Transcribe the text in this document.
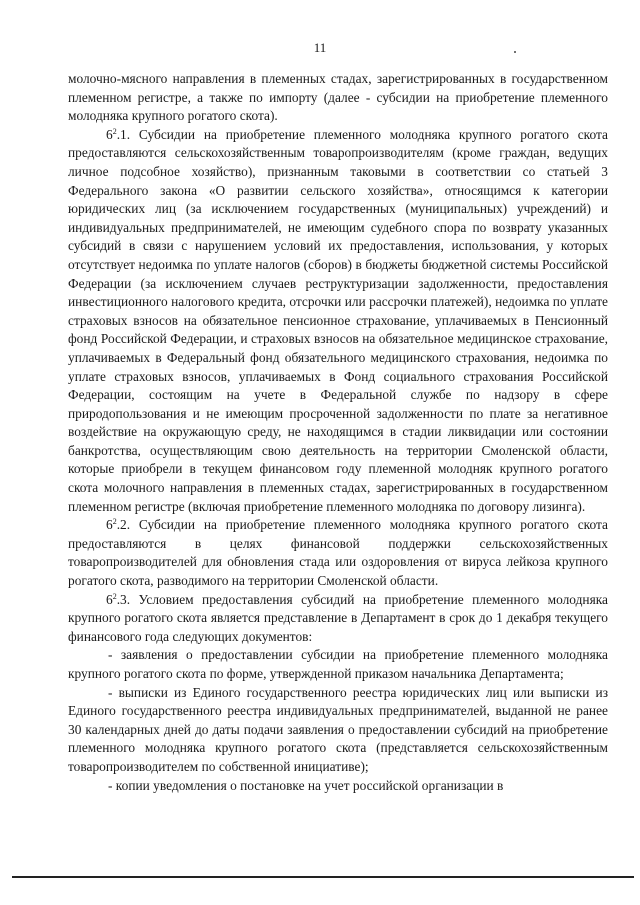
11

молочно-мясного направления в племенных стадах, зарегистрированных в государственном племенном регистре, а также по импорту (далее - субсидии на приобретение племенного молодняка крупного рогатого скота).

$6^2.1$. Субсидии на приобретение племенного молодняка крупного рогатого скота предоставляются сельскохозяйственным товаропроизводителям (кроме граждан, ведущих личное подсобное хозяйство), признанным таковыми в соответствии со статьей 3 Федерального закона «О развитии сельского хозяйства», относящимся к категории юридических лиц (за исключением государственных (муниципальных) учреждений) и индивидуальных предпринимателей, не имеющим судебного спора по возврату указанных субсидий в связи с нарушением условий их предоставления, использования, у которых отсутствует недоимка по уплате налогов (сборов) в бюджеты бюджетной системы Российской Федерации (за исключением случаев реструктуризации задолженности, предоставления инвестиционного налогового кредита, отсрочки или рассрочки платежей), недоимка по уплате страховых взносов на обязательное пенсионное страхование, уплачиваемых в Пенсионный фонд Российской Федерации, и страховых взносов на обязательное медицинское страхование, уплачиваемых в Федеральный фонд обязательного медицинского страхования, недоимка по уплате страховых взносов, уплачиваемых в Фонд социального страхования Российской Федерации, состоящим на учете в Федеральной службе по надзору в сфере природопользования и не имеющим просроченной задолженности по плате за негативное воздействие на окружающую среду, не находящимся в стадии ликвидации или состоянии банкротства, осуществляющим свою деятельность на территории Смоленской области, которые приобрели в текущем финансовом году племенной молодняк крупного рогатого скота молочного направления в племенных стадах, зарегистрированных в государственном племенном регистре (включая приобретение племенного молодняка по договору лизинга).

$6^2.2$. Субсидии на приобретение племенного молодняка крупного рогатого скота предоставляются в целях финансовой поддержки сельскохозяйственных товаропроизводителей для обновления стада или оздоровления от вируса лейкоза крупного рогатого скота, разводимого на территории Смоленской области.

$6^2.3$. Условием предоставления субсидий на приобретение племенного молодняка крупного рогатого скота является представление в Департамент в срок до 1 декабря текущего финансового года следующих документов:

- заявления о предоставлении субсидии на приобретение племенного молодняка крупного рогатого скота по форме, утвержденной приказом начальника Департамента;

- выписки из Единого государственного реестра юридических лиц или выписки из Единого государственного реестра индивидуальных предпринимателей, выданной не ранее 30 календарных дней до даты подачи заявления о предоставлении субсидий на приобретение племенного молодняка крупного рогатого скота (представляется сельскохозяйственным товаропроизводителем по собственной инициативе);

- копии уведомления о постановке на учет российской организации в
